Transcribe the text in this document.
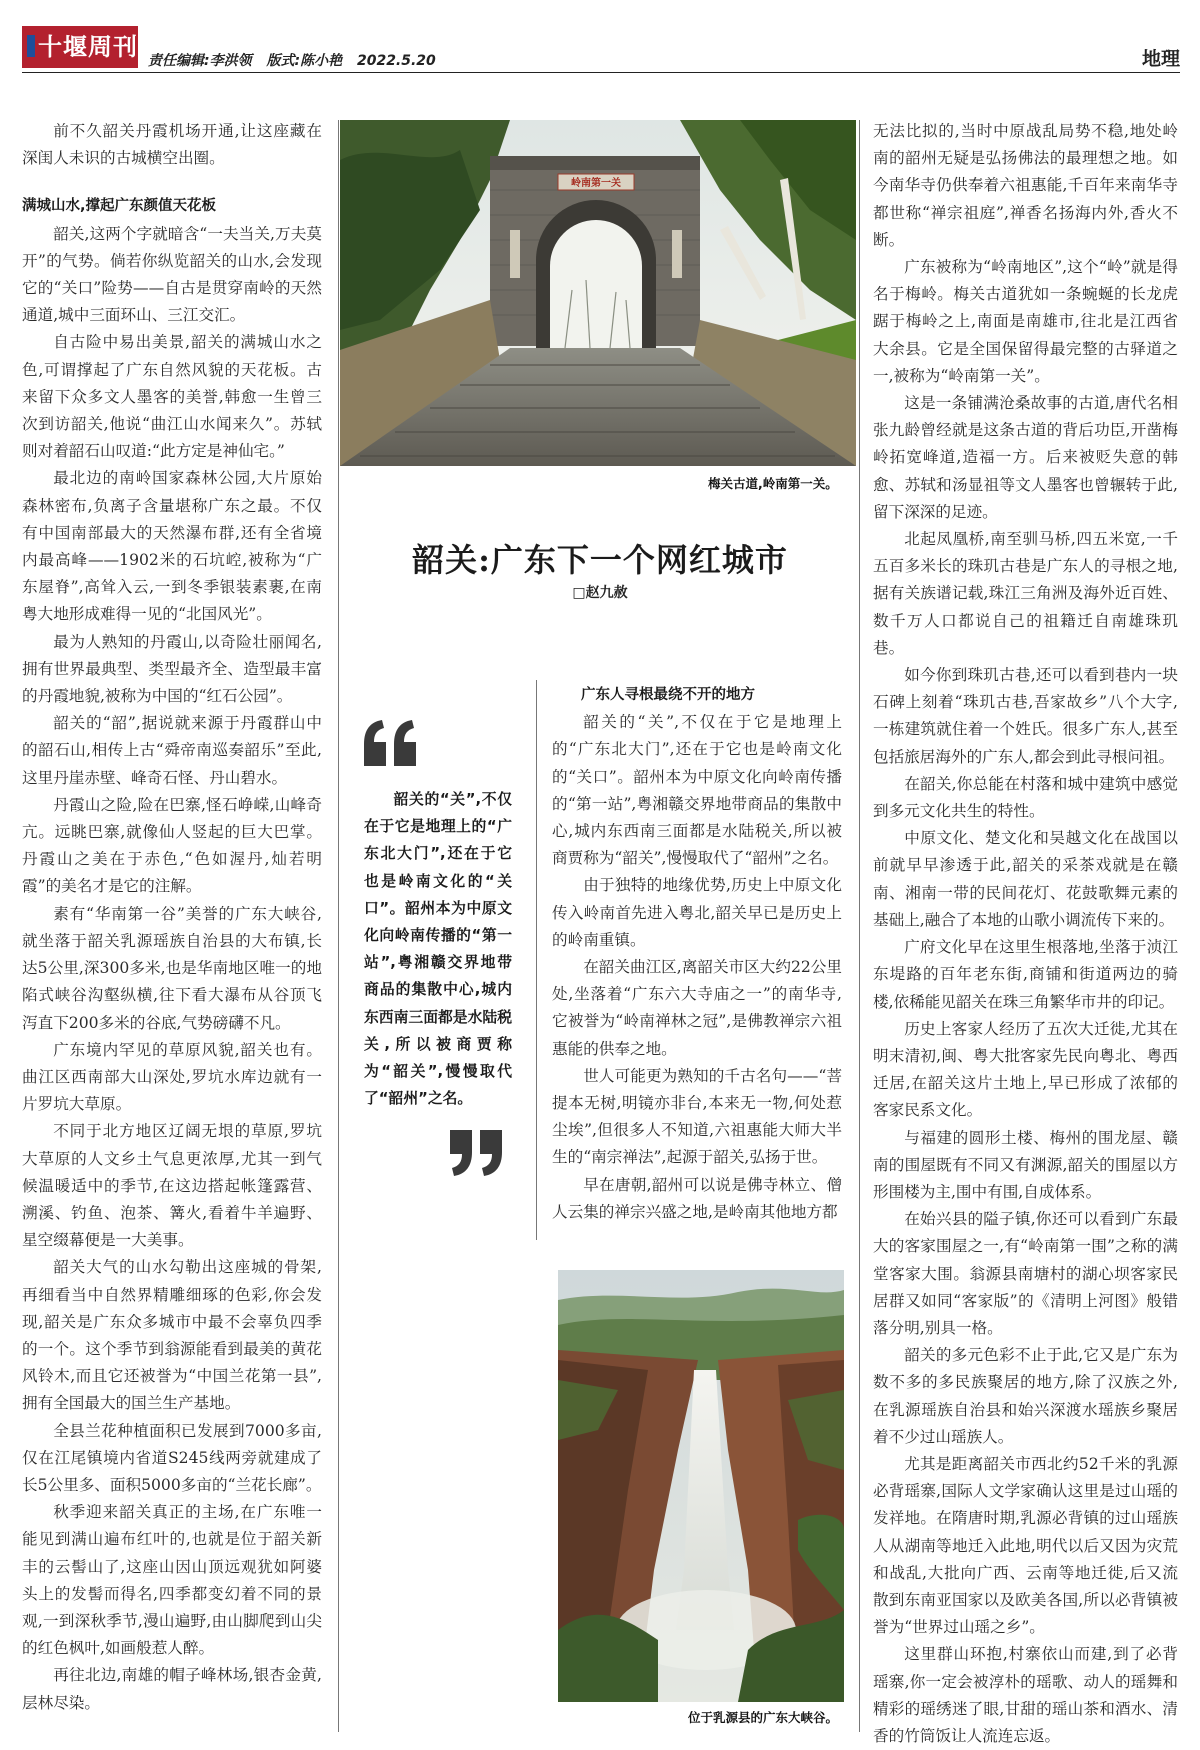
十堰周刊 责任编辑:李洪领 版式:陈小艳 2022.5.20	地理

前不久韶关丹霞机场开通,让这座藏在深闺人未识的古城横空出圈。

满城山水,撑起广东颜值天花板

韶关,这两个字就暗含“一夫当关,万夫莫开”的气势。倘若你纵览韶关的山水,会发现它的“关口”险势——自古是贯穿南岭的天然通道,城中三面环山、三江交汇。

自古险中易出美景,韶关的满城山水之色,可谓撑起了广东自然风貌的天花板。古来留下众多文人墨客的美誉,韩愈一生曾三次到访韶关,他说“曲江山水闻来久”。苏轼则对着韶石山叹道:“此方定是神仙宅。”

最北边的南岭国家森林公园,大片原始森林密布,负离子含量堪称广东之最。不仅有中国南部最大的天然瀑布群,还有全省境内最高峰——1902米的石坑崆,被称为“广东屋脊”,高耸入云,一到冬季银装素裹,在南粤大地形成难得一见的“北国风光”。

最为人熟知的丹霞山,以奇险壮丽闻名,拥有世界最典型、类型最齐全、造型最丰富的丹霞地貌,被称为中国的“红石公园”。

韶关的“韶”,据说就来源于丹霞群山中的韶石山,相传上古“舜帝南巡奏韶乐”至此,这里丹崖赤壁、峰奇石怪、丹山碧水。

丹霞山之险,险在巴寨,怪石峥嵘,山峰奇亢。远眺巴寨,就像仙人竖起的巨大巴掌。丹霞山之美在于赤色,“色如渥丹,灿若明霞”的美名才是它的注解。

素有“华南第一谷”美誉的广东大峡谷,就坐落于韶关乳源瑶族自治县的大布镇,长达5公里,深300多米,也是华南地区唯一的地陷式峡谷沟壑纵横,往下看大瀑布从谷顶飞泻直下200多米的谷底,气势磅礴不凡。

广东境内罕见的草原风貌,韶关也有。曲江区西南部大山深处,罗坑水库边就有一片罗坑大草原。

不同于北方地区辽阔无垠的草原,罗坑大草原的人文乡土气息更浓厚,尤其一到气候温暖适中的季节,在这边搭起帐篷露营、溯溪、钓鱼、泡茶、篝火,看着牛羊遍野、星空缀幕便是一大美事。

韶关大气的山水勾勒出这座城的骨架,再细看当中自然界精雕细琢的色彩,你会发现,韶关是广东众多城市中最不会辜负四季的一个。这个季节到翁源能看到最美的黄花风铃木,而且它还被誉为“中国兰花第一县”,拥有全国最大的国兰生产基地。

全县兰花种植面积已发展到7000多亩,仅在江尾镇境内省道S245线两旁就建成了长5公里多、面积5000多亩的“兰花长廊”。

秋季迎来韶关真正的主场,在广东唯一能见到满山遍布红叶的,也就是位于韶关新丰的云髻山了,这座山因山顶远观犹如阿婆头上的发髻而得名,四季都变幻着不同的景观,一到深秋季节,漫山遍野,由山脚爬到山尖的红色枫叶,如画般惹人醉。

再往北边,南雄的帽子峰林场,银杏金黄,层林尽染。

岭南第一关
梅关古道,岭南第一关。
韶关:广东下一个网红城市
□赵九赦
韶关的“关”,不仅在于它是地理上的“广东北大门”,还在于它也是岭南文化的“关口”。韶州本为中原文化向岭南传播的“第一站”,粤湘赣交界地带商品的集散中心,城内东西南三面都是水陆税关,所以被商贾称为“韶关”,慢慢取代了“韶州”之名。
广东人寻根最绕不开的地方

韶关的“关”,不仅在于它是地理上的“广东北大门”,还在于它也是岭南文化的“关口”。韶州本为中原文化向岭南传播的“第一站”,粤湘赣交界地带商品的集散中心,城内东西南三面都是水陆税关,所以被商贾称为“韶关”,慢慢取代了“韶州”之名。

由于独特的地缘优势,历史上中原文化传入岭南首先进入粤北,韶关早已是历史上的岭南重镇。

在韶关曲江区,离韶关市区大约22公里处,坐落着“广东六大寺庙之一”的南华寺,它被誉为“岭南禅林之冠”,是佛教禅宗六祖惠能的供奉之地。

世人可能更为熟知的千古名句——“菩提本无树,明镜亦非台,本来无一物,何处惹尘埃”,但很多人不知道,六祖惠能大师大半生的“南宗禅法”,起源于韶关,弘扬于世。

早在唐朝,韶州可以说是佛寺林立、僧人云集的禅宗兴盛之地,是岭南其他地方都

位于乳源县的广东大峡谷。

无法比拟的,当时中原战乱局势不稳,地处岭南的韶州无疑是弘扬佛法的最理想之地。如今南华寺仍供奉着六祖惠能,千百年来南华寺都世称“禅宗祖庭”,禅香名扬海内外,香火不断。

广东被称为“岭南地区”,这个“岭”就是得名于梅岭。梅关古道犹如一条蜿蜒的长龙虎踞于梅岭之上,南面是南雄市,往北是江西省大余县。它是全国保留得最完整的古驿道之一,被称为“岭南第一关”。

这是一条铺满沧桑故事的古道,唐代名相张九龄曾经就是这条古道的背后功臣,开凿梅岭拓宽峰道,造福一方。后来被贬失意的韩愈、苏轼和汤显祖等文人墨客也曾辗转于此,留下深深的足迹。

北起凤凰桥,南至驯马桥,四五米宽,一千五百多米长的珠玑古巷是广东人的寻根之地,据有关族谱记载,珠江三角洲及海外近百姓、数千万人口都说自己的祖籍迁自南雄珠玑巷。

如今你到珠玑古巷,还可以看到巷内一块石碑上刻着“珠玑古巷,吾家故乡”八个大字,一栋建筑就住着一个姓氏。很多广东人,甚至包括旅居海外的广东人,都会到此寻根问祖。

在韶关,你总能在村落和城中建筑中感觉到多元文化共生的特性。

中原文化、楚文化和吴越文化在战国以前就早早渗透于此,韶关的采茶戏就是在赣南、湘南一带的民间花灯、花鼓歌舞元素的基础上,融合了本地的山歌小调流传下来的。

广府文化早在这里生根落地,坐落于浈江东堤路的百年老东街,商铺和街道两边的骑楼,依稀能见韶关在珠三角繁华市井的印记。

历史上客家人经历了五次大迁徙,尤其在明末清初,闽、粤大批客家先民向粤北、粤西迁居,在韶关这片土地上,早已形成了浓郁的客家民系文化。

与福建的圆形土楼、梅州的围龙屋、赣南的围屋既有不同又有渊源,韶关的围屋以方形围楼为主,围中有围,自成体系。

在始兴县的隘子镇,你还可以看到广东最大的客家围屋之一,有“岭南第一围”之称的满堂客家大围。翁源县南塘村的湖心坝客家民居群又如同“客家版”的《清明上河图》般错落分明,别具一格。

韶关的多元色彩不止于此,它又是广东为数不多的多民族聚居的地方,除了汉族之外,在乳源瑶族自治县和始兴深渡水瑶族乡聚居着不少过山瑶族人。

尤其是距离韶关市西北约52千米的乳源必背瑶寨,国际人文学家确认这里是过山瑶的发祥地。在隋唐时期,乳源必背镇的过山瑶族人从湖南等地迁入此地,明代以后又因为灾荒和战乱,大批向广西、云南等地迁徙,后又流散到东南亚国家以及欧美各国,所以必背镇被誉为“世界过山瑶之乡”。

这里群山环抱,村寨依山而建,到了必背瑶寨,你一定会被淳朴的瑶歌、动人的瑶舞和精彩的瑶绣迷了眼,甘甜的瑶山茶和酒水、清香的竹筒饭让人流连忘返。
